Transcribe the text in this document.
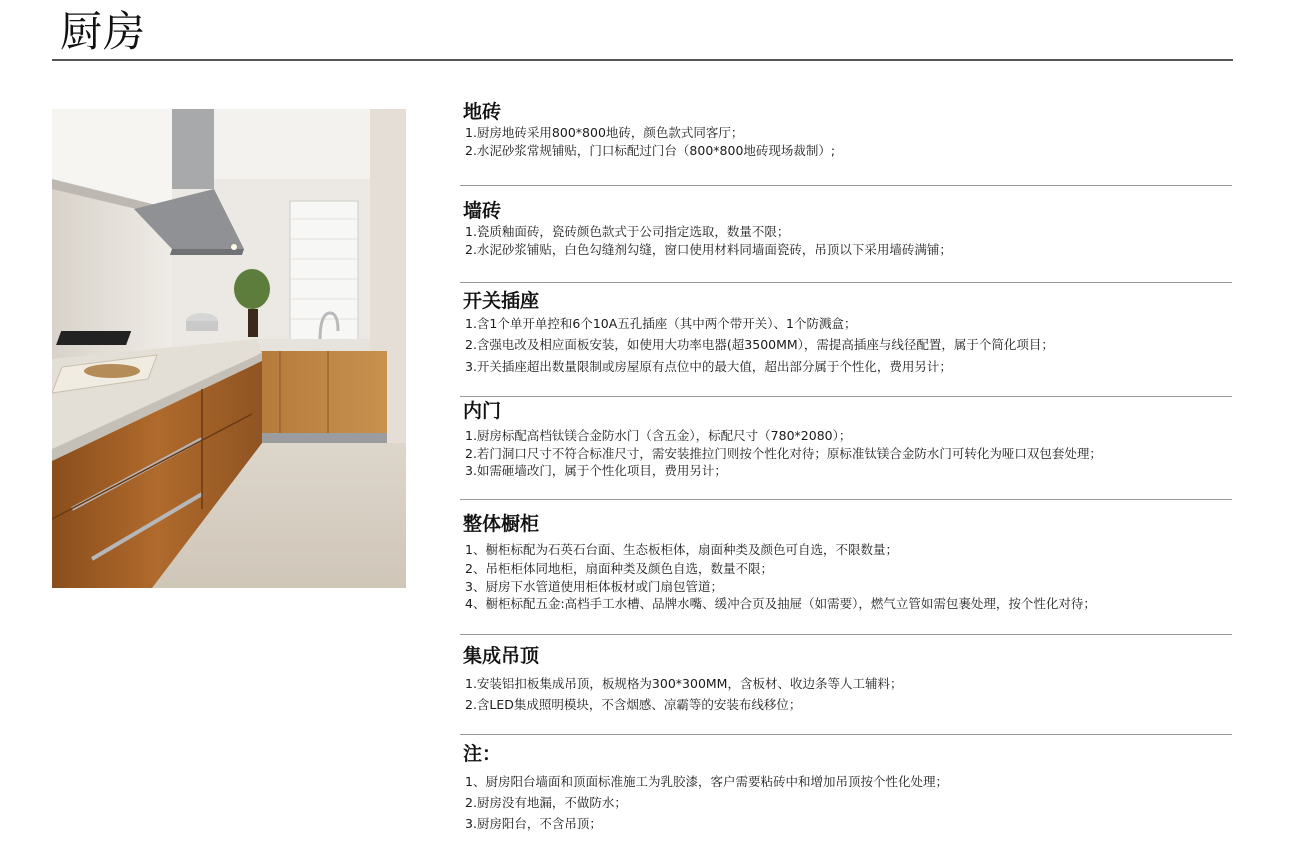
厨房
地砖

1.厨房地砖采用800*800地砖，颜色款式同客厅；

2.水泥砂浆常规铺贴，门口标配过门台（800*800地砖现场裁制）;

墙砖

1.瓷质釉面砖，瓷砖颜色款式于公司指定选取，数量不限；

2.水泥砂浆铺贴，白色勾缝剂勾缝，窗口使用材料同墙面瓷砖，吊顶以下采用墙砖满铺；

开关插座

1.含1个单开单控和6个10A五孔插座（其中两个带开关）、1个防溅盒；

2.含强电改及相应面板安装，如使用大功率电器(超3500MM），需提高插座与线径配置，属于个简化项目；

3.开关插座超出数量限制或房屋原有点位中的最大值，超出部分属于个性化，费用另计；

内门

1.厨房标配高档钛镁合金防水门（含五金），标配尺寸（780*2080）；

2.若门洞口尺寸不符合标准尺寸，需安装推拉门则按个性化对待；原标准钛镁合金防水门可转化为哑口双包套处理；

3.如需砸墙改门，属于个性化项目，费用另计；

整体橱柜

1、橱柜标配为石英石台面、生态板柜体，扇面种类及颜色可自选，不限数量；

2、吊柜柜体同地柜，扇面种类及颜色自选，数量不限；

3、厨房下水管道使用柜体板材或门扇包管道；

4、橱柜标配五金:高档手工水槽、品牌水嘴、缓冲合页及抽屉（如需要），燃气立管如需包裹处理，按个性化对待；

集成吊顶

1.安装铝扣板集成吊顶，板规格为300*300MM，含板材、收边条等人工辅料；

2.含LED集成照明模块，不含烟感、凉霸等的安装布线移位；

注：

1、厨房阳台墙面和顶面标准施工为乳胶漆，客户需要粘砖中和增加吊顶按个性化处理；

2.厨房没有地漏，不做防水；

3.厨房阳台，不含吊顶；
